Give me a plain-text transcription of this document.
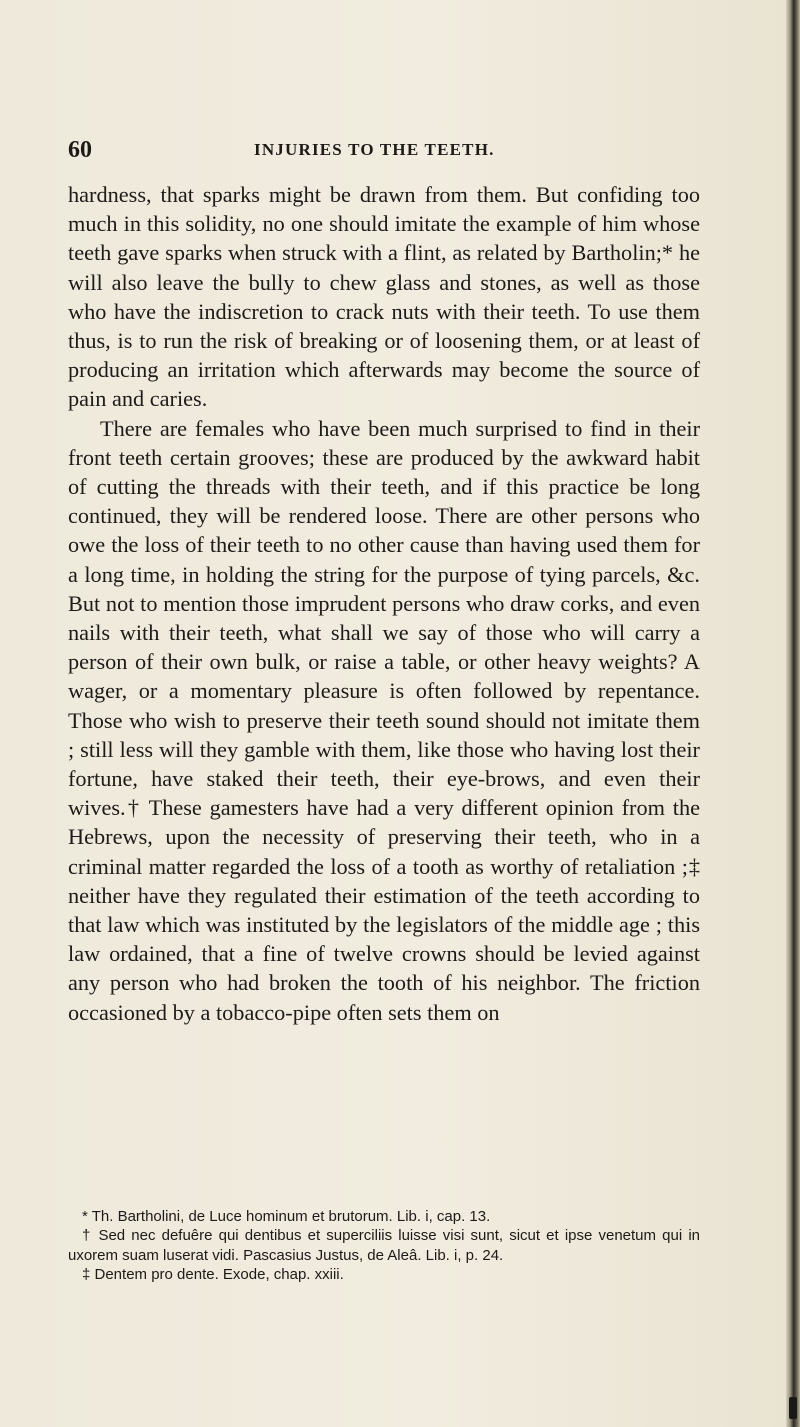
60	INJURIES TO THE TEETH.

hardness, that sparks might be drawn from them. But confiding too much in this solidity, no one should imitate the example of him whose teeth gave sparks when struck with a flint, as related by Bartholin;* he will also leave the bully to chew glass and stones, as well as those who have the indiscretion to crack nuts with their teeth. To use them thus, is to run the risk of breaking or of loosening them, or at least of producing an irritation which afterwards may become the source of pain and caries.

There are females who have been much surprised to find in their front teeth certain grooves; these are produced by the awkward habit of cutting the threads with their teeth, and if this practice be long continued, they will be rendered loose. There are other persons who owe the loss of their teeth to no other cause than having used them for a long time, in holding the string for the purpose of tying parcels, &c. But not to mention those imprudent persons who draw corks, and even nails with their teeth, what shall we say of those who will carry a person of their own bulk, or raise a table, or other heavy weights? A wager, or a momentary pleasure is often followed by repentance. Those who wish to preserve their teeth sound should not imitate them ; still less will they gamble with them, like those who having lost their fortune, have staked their teeth, their eye-brows, and even their wives.† These gamesters have had a very different opinion from the Hebrews, upon the necessity of preserving their teeth, who in a criminal matter regarded the loss of a tooth as worthy of retaliation ;‡ neither have they regulated their estimation of the teeth according to that law which was instituted by the legislators of the middle age ; this law ordained, that a fine of twelve crowns should be levied against any person who had broken the tooth of his neighbor. The friction occasioned by a tobacco-pipe often sets them on

* Th. Bartholini, de Luce hominum et brutorum. Lib. i, cap. 13.

† Sed nec defuêre qui dentibus et superciliis luisse visi sunt, sicut et ipse venetum qui in uxorem suam luserat vidi. Pascasius Justus, de Aleâ. Lib. i, p. 24.

‡ Dentem pro dente. Exode, chap. xxiii.
